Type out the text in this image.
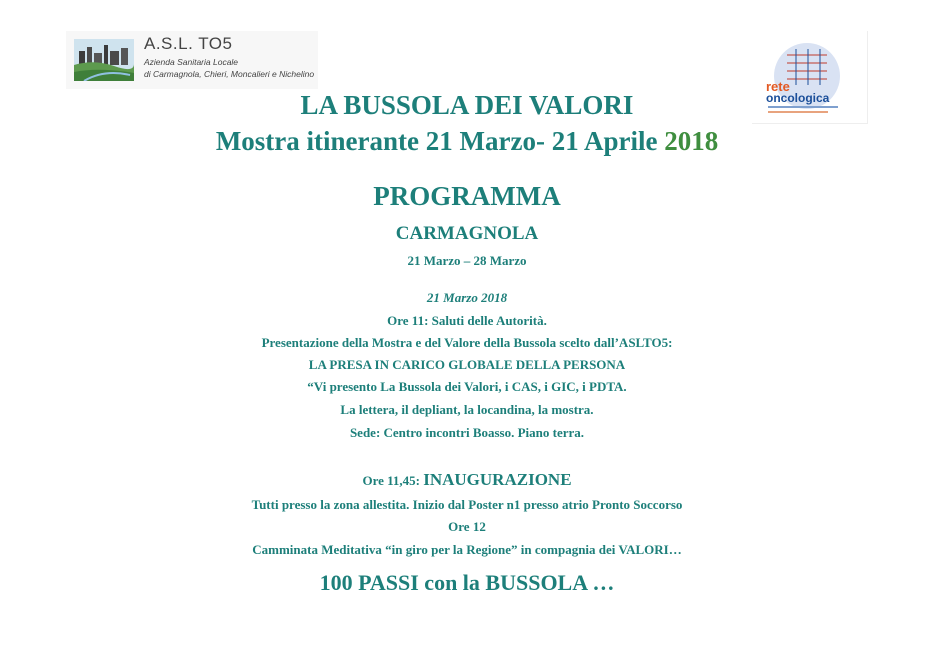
A.S.L. TO5
Azienda Sanitaria Locale
di Carmagnola, Chieri, Moncalieri e Nichelino
rete
oncologica
LA BUSSOLA DEI VALORI
Mostra itinerante 21 Marzo- 21 Aprile 2018
PROGRAMMA
CARMAGNOLA
21 Marzo – 28 Marzo
21 Marzo 2018
Ore 11: Saluti delle Autorità.
Presentazione della Mostra e del Valore della Bussola scelto dall’ASLTO5:
LA PRESA IN CARICO GLOBALE DELLA PERSONA
“Vi presento La Bussola dei Valori, i CAS, i GIC, i PDTA.
La lettera, il depliant, la locandina, la mostra.
Sede: Centro incontri Boasso. Piano terra.
Ore 11,45: INAUGURAZIONE
Tutti presso la zona allestita. Inizio dal Poster n1 presso atrio Pronto Soccorso
Ore 12
Camminata Meditativa “in giro per la Regione” in compagnia dei VALORI…
100 PASSI con la BUSSOLA …
